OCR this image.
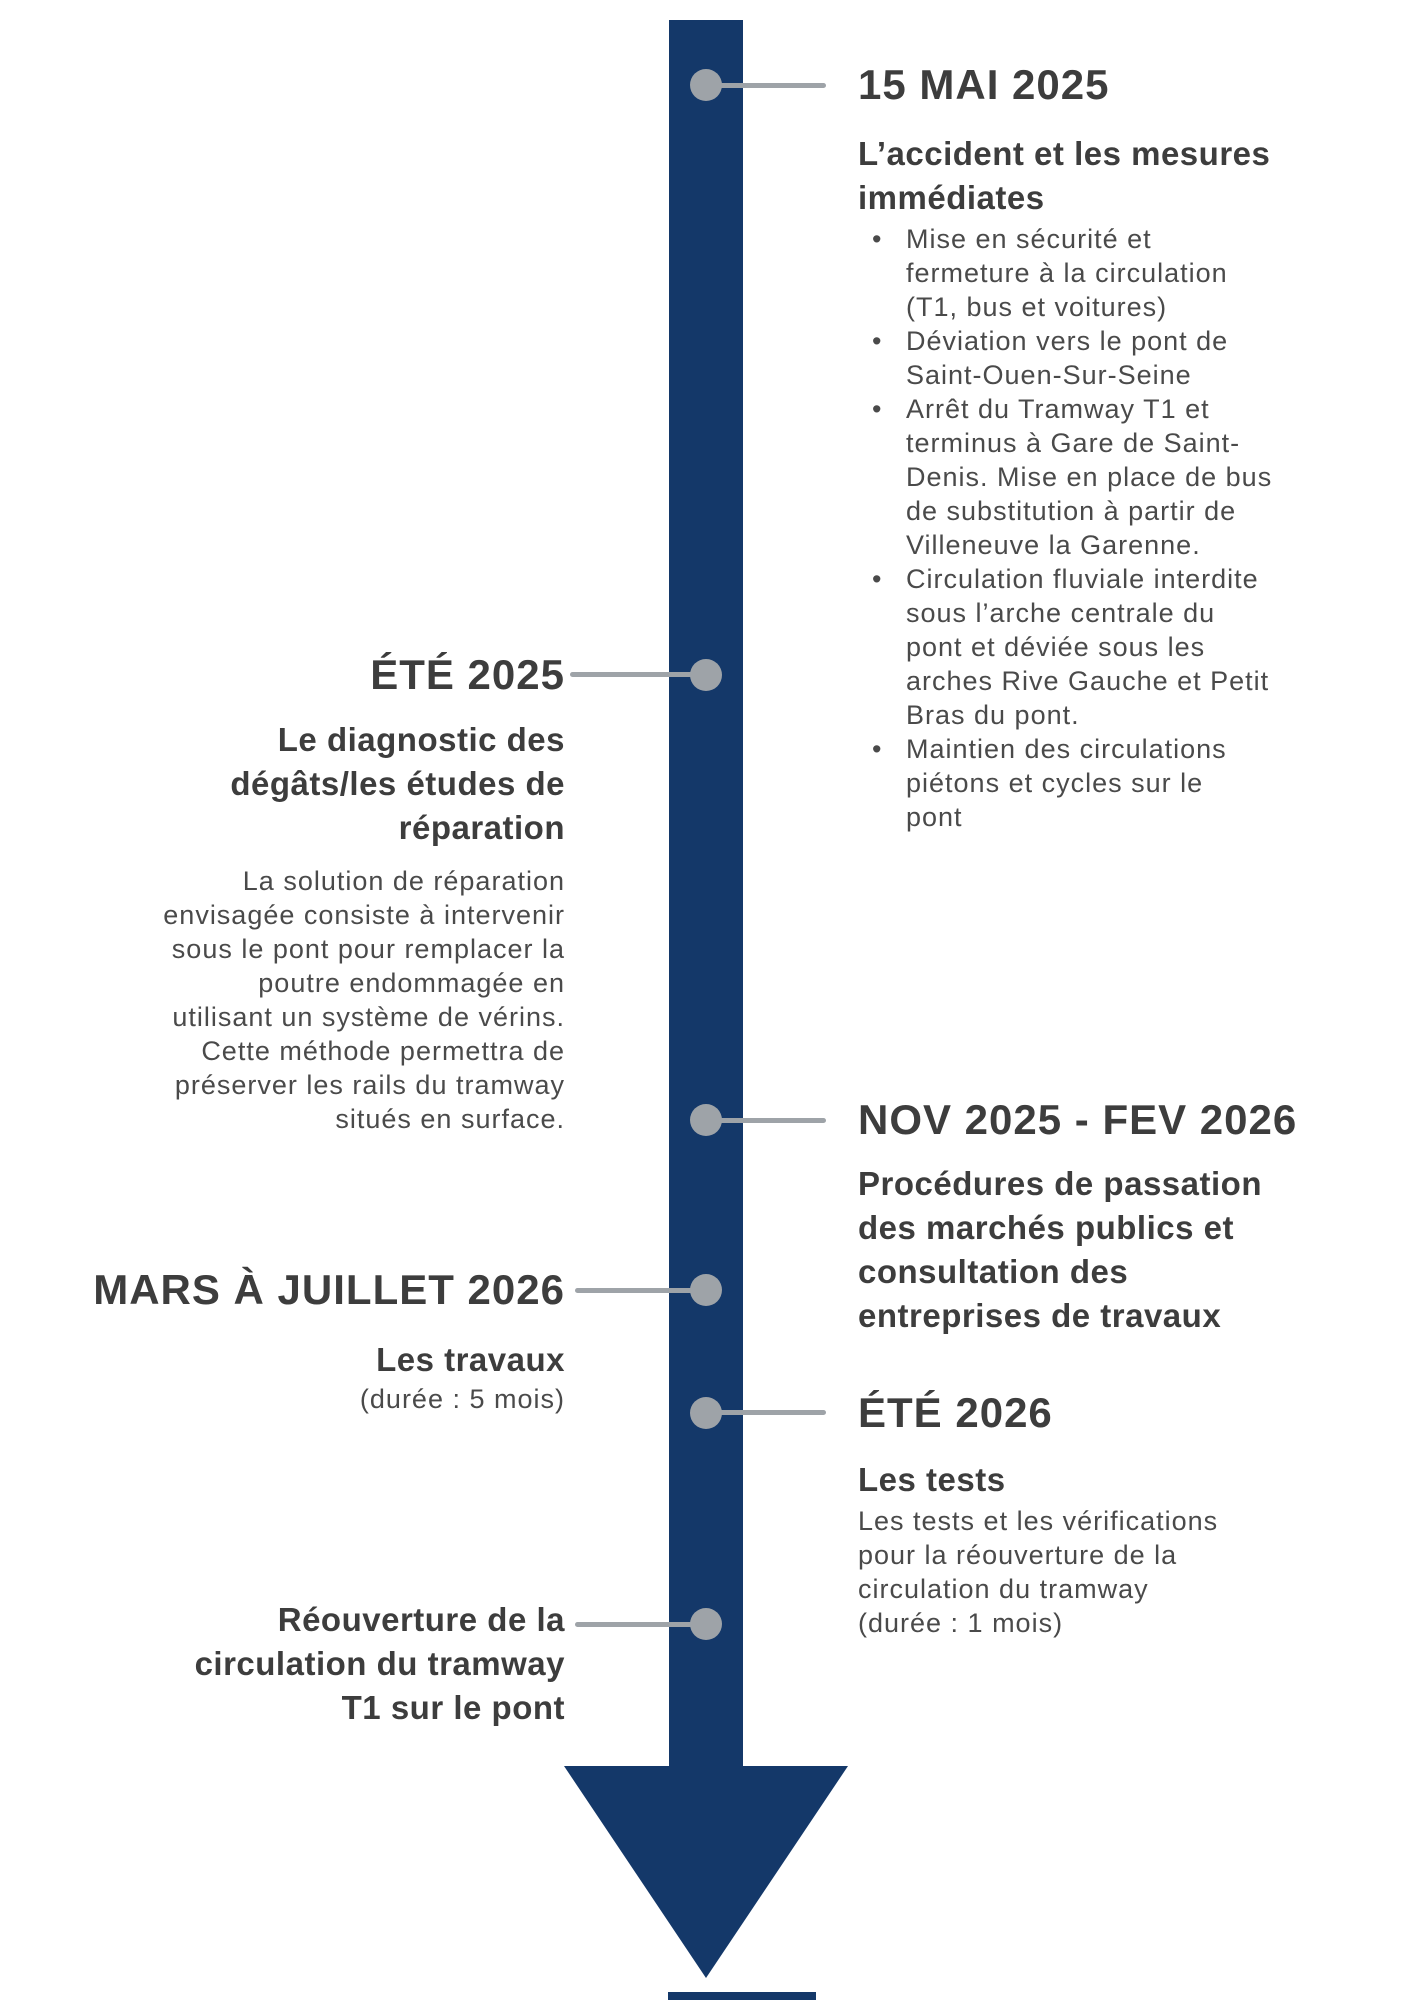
15 MAI 2025
L’accident et les mesures
immédiates
• Mise en sécurité et
fermeture à la circulation
(T1, bus et voitures)
• Déviation vers le pont de
Saint-Ouen-Sur-Seine
• Arrêt du Tramway T1 et
terminus à Gare de Saint-
Denis. Mise en place de bus
de substitution à partir de
Villeneuve la Garenne.
• Circulation fluviale interdite
sous l’arche centrale du
pont et déviée sous les
arches Rive Gauche et Petit
Bras du pont.
• Maintien des circulations
piétons et cycles sur le
pont
ÉTÉ 2025
Le diagnostic des
dégâts/les études de
réparation
La solution de réparation
envisagée consiste à intervenir
sous le pont pour remplacer la
poutre endommagée en
utilisant un système de vérins.
Cette méthode permettra de
préserver les rails du tramway
situés en surface.	NOV 2025 - FEV 2026
Procédures de passation
des marchés publics et
consultation des
entreprises de travaux
MARS À JUILLET 2026
Les travaux
(durée : 5 mois)	ÉTÉ 2026
Les tests
Les tests et les vérifications
pour la réouverture de la
circulation du tramway
(durée : 1 mois)
Réouverture de la
circulation du tramway
T1 sur le pont
